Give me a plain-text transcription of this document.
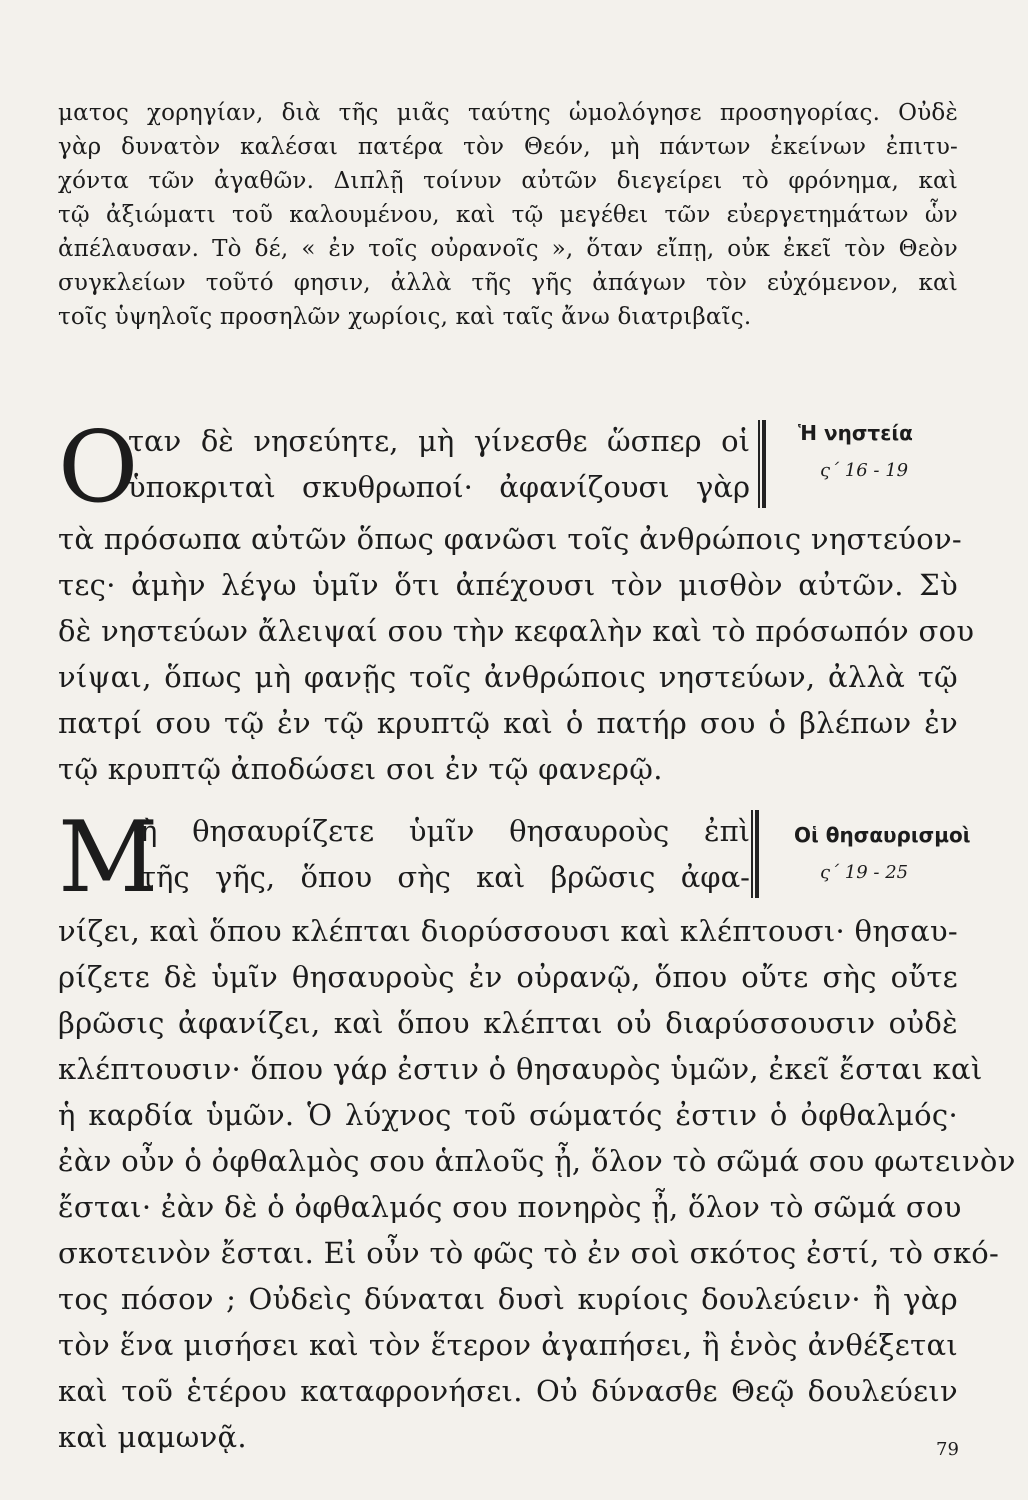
ματος χορηγίαν, διὰ τῆς μιᾶς ταύτης ὡμολόγησε προσηγορίας. Οὐδὲ
γὰρ δυνατὸν καλέσαι πατέρα τὸν Θεόν, μὴ πάντων ἐκείνων ἐπιτυ-
χόντα τῶν ἀγαθῶν. Διπλῇ τοίνυν αὐτῶν διεγείρει τὸ φρόνημα, καὶ
τῷ ἀξιώματι τοῦ καλουμένου, καὶ τῷ μεγέθει τῶν εὐεργετημάτων ὧν
ἀπέλαυσαν. Τὸ δέ, « ἐν τοῖς οὐρανοῖς », ὅταν εἴπῃ, οὐκ ἐκεῖ τὸν Θεὸν
συγκλείων τοῦτό φησιν, ἀλλὰ τῆς γῆς ἀπάγων τὸν εὐχόμενον, καὶ
τοῖς ὑψηλοῖς προσηλῶν χωρίοις, καὶ ταῖς ἄνω διατριβαῖς.
Ο
ταν δὲ νησεύητε, μὴ γίνεσθε ὥσπερ οἱ
ὑποκριταὶ σκυθρωποί· ἀφανίζουσι γὰρ
Ἡ νηστεία
ς΄ 16 - 19
τὰ πρόσωπα αὐτῶν ὅπως φανῶσι τοῖς ἀνθρώποις νηστεύον-
τες· ἀμὴν λέγω ὑμῖν ὅτι ἀπέχουσι τὸν μισθὸν αὐτῶν. Σὺ
δὲ νηστεύων ἄλειψαί σου τὴν κεφαλὴν καὶ τὸ πρόσωπόν σου
νίψαι, ὅπως μὴ φανῇς τοῖς ἀνθρώποις νηστεύων, ἀλλὰ τῷ
πατρί σου τῷ ἐν τῷ κρυπτῷ καὶ ὁ πατήρ σου ὁ βλέπων ἐν
τῷ κρυπτῷ ἀποδώσει σοι ἐν τῷ φανερῷ.
Μ
ὴ θησαυρίζετε ὑμῖν θησαυροὺς ἐπὶ
τῆς γῆς, ὅπου σὴς καὶ βρῶσις ἀφα-
Οἱ θησαυρισμοὶ
ς΄ 19 - 25
νίζει, καὶ ὅπου κλέπται διορύσσουσι καὶ κλέπτουσι· θησαυ-
ρίζετε δὲ ὑμῖν θησαυροὺς ἐν οὐρανῷ, ὅπου οὔτε σὴς οὔτε
βρῶσις ἀφανίζει, καὶ ὅπου κλέπται οὐ διαρύσσουσιν οὐδὲ
κλέπτουσιν· ὅπου γάρ ἐστιν ὁ θησαυρὸς ὑμῶν, ἐκεῖ ἔσται καὶ
ἡ καρδία ὑμῶν. Ὁ λύχνος τοῦ σώματός ἐστιν ὁ ὀφθαλμός·
ἐὰν οὖν ὁ ὀφθαλμὸς σου ἁπλοῦς ᾖ, ὅλον τὸ σῶμά σου φωτεινὸν
ἔσται· ἐὰν δὲ ὁ ὀφθαλμός σου πονηρὸς ᾖ, ὅλον τὸ σῶμά σου
σκοτεινὸν ἔσται. Εἰ οὖν τὸ φῶς τὸ ἐν σοὶ σκότος ἐστί, τὸ σκό-
τος πόσον ; Οὐδεὶς δύναται δυσὶ κυρίοις δουλεύειν· ἢ γὰρ
τὸν ἕνα μισήσει καὶ τὸν ἕτερον ἀγαπήσει, ἢ ἑνὸς ἀνθέξεται
καὶ τοῦ ἑτέρου καταφρονήσει. Οὐ δύνασθε Θεῷ δουλεύειν
καὶ μαμωνᾷ.	79
